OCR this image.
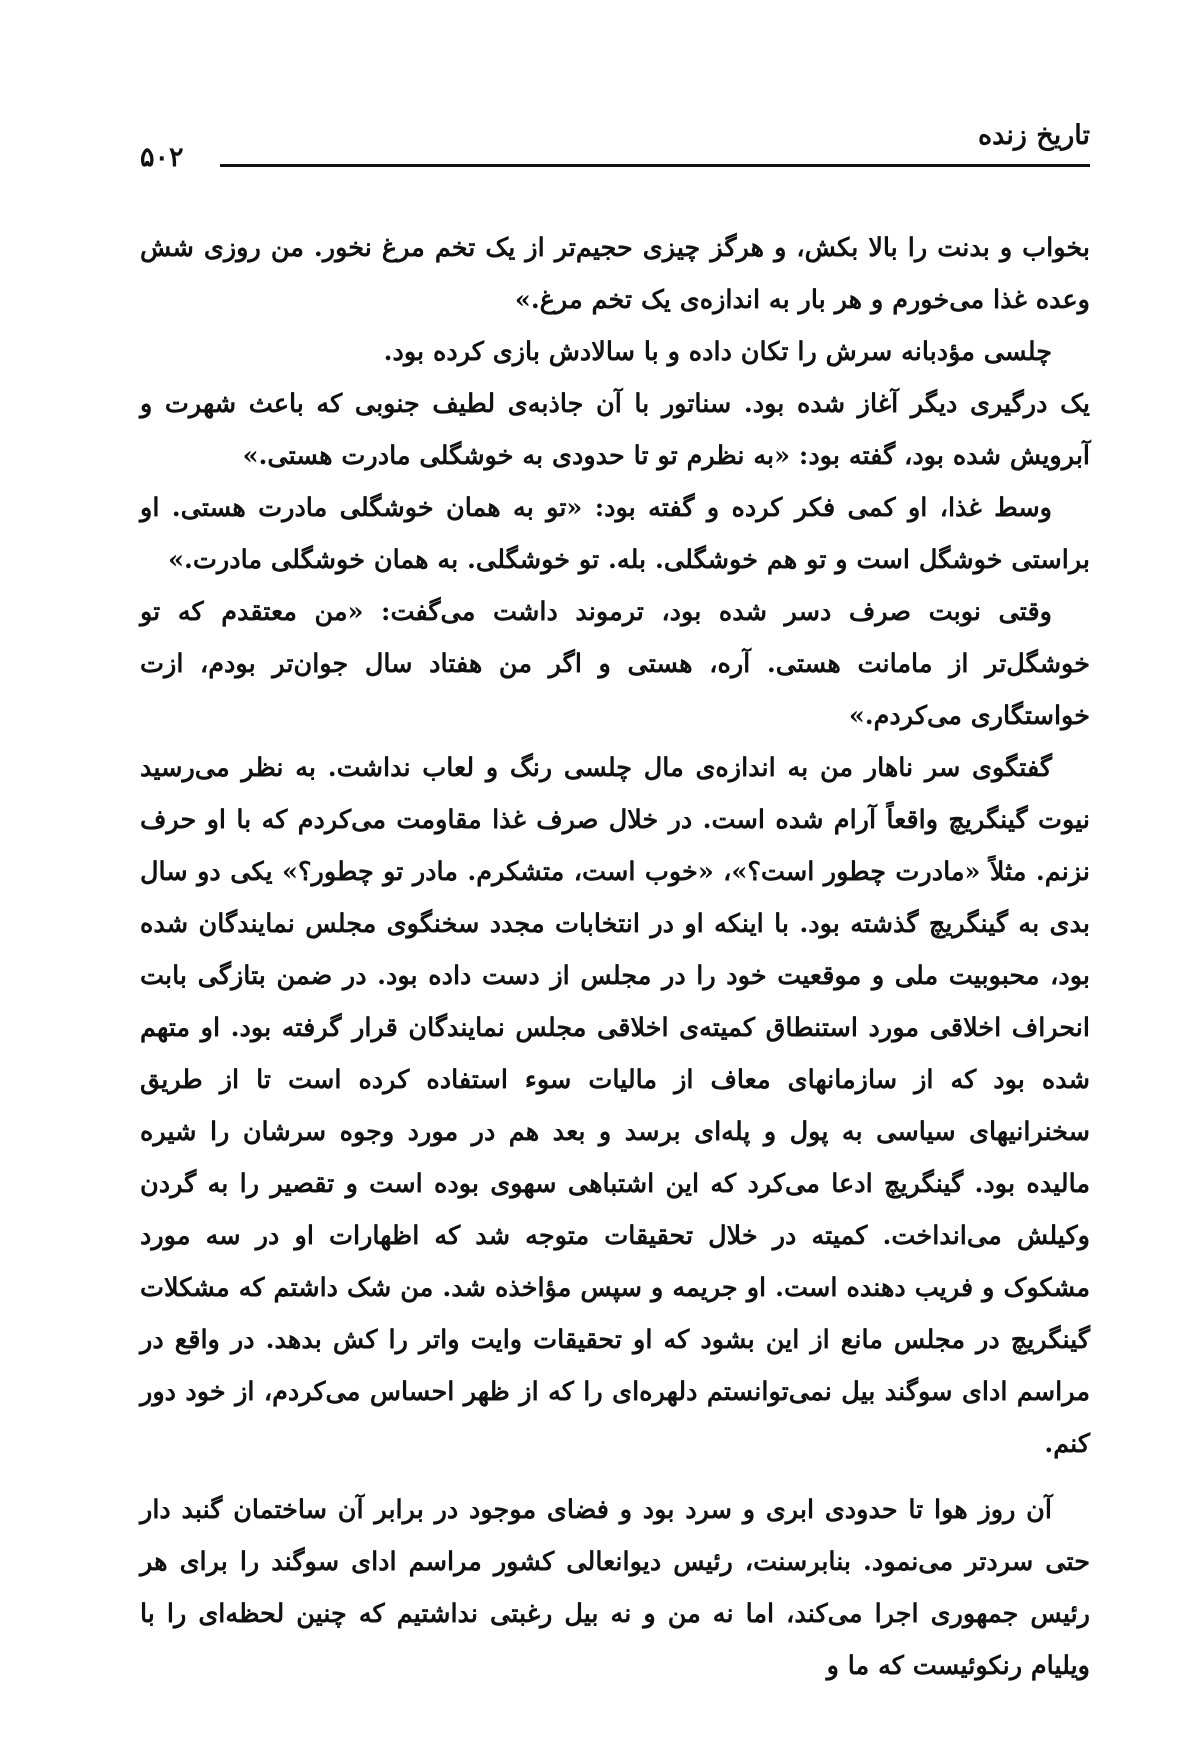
تاریخ زنده
۵۰۲

بخواب و بدنت را بالا بکش، و هرگز چیزی حجیم‌تر از یک تخم مرغ نخور. من روزی شش وعده غذا می‌خورم و هر بار به اندازه‌ی یک تخم مرغ.»

چلسی مؤدبانه سرش را تکان داده و با سالادش بازی کرده بود.

یک درگیری دیگر آغاز شده بود. سناتور با آن جاذبه‌ی لطیف جنوبی که باعث شهرت و آبرویش شده بود، گفته بود: «به نظرم تو تا حدودی به خوشگلی مادرت هستی.»

وسط غذا، او کمی فکر کرده و گفته بود: «تو به همان خوشگلی مادرت هستی. او براستی خوشگل است و تو هم خوشگلی. بله. تو خوشگلی. به همان خوشگلی مادرت.»

وقتی نوبت صرف دسر شده بود، ترموند داشت می‌گفت: «من معتقدم که تو خوشگل‌تر از مامانت هستی. آره، هستی و اگر من هفتاد سال جوان‌تر بودم، ازت خواستگاری می‌کردم.»

گفتگوی سر ناهار من به اندازه‌ی مال چلسی رنگ و لعاب نداشت. به نظر می‌رسید نیوت گینگریچ واقعاً آرام شده است. در خلال صرف غذا مقاومت می‌کردم که با او حرف نزنم. مثلاً «مادرت چطور است؟»، «خوب است، متشکرم. مادر تو چطور؟» یکی دو سال بدی به گینگریچ گذشته بود. با اینکه او در انتخابات مجدد سخنگوی مجلس نمایندگان شده بود، محبوبیت ملی و موقعیت خود را در مجلس از دست داده بود. در ضمن بتازگی بابت انحراف اخلاقی مورد استنطاق کمیته‌ی اخلاقی مجلس نمایندگان قرار گرفته بود. او متهم شده بود که از سازمانهای معاف از مالیات سوء استفاده کرده است تا از طریق سخنرانیهای سیاسی به پول و پله‌ای برسد و بعد هم در مورد وجوه سرشان را شیره مالیده بود. گینگریچ ادعا می‌کرد که این اشتباهی سهوی بوده است و تقصیر را به گردن وکیلش می‌انداخت. کمیته در خلال تحقیقات متوجه شد که اظهارات او در سه مورد مشکوک و فریب دهنده است. او جریمه و سپس مؤاخذه شد. من شک داشتم که مشکلات گینگریچ در مجلس مانع از این بشود که او تحقیقات وایت واتر را کش بدهد. در واقع در مراسم ادای سوگند بیل نمی‌توانستم دلهره‌ای را که از ظهر احساس می‌کردم، از خود دور کنم.

آن روز هوا تا حدودی ابری و سرد بود و فضای موجود در برابر آن ساختمان گنبد دار حتی سردتر می‌نمود. بنابرسنت، رئیس دیوانعالی کشور مراسم ادای سوگند را برای هر رئیس جمهوری اجرا می‌کند، اما نه من و نه بیل رغبتی نداشتیم که چنین لحظه‌ای را با ویلیام رنکوئیست که ما و
